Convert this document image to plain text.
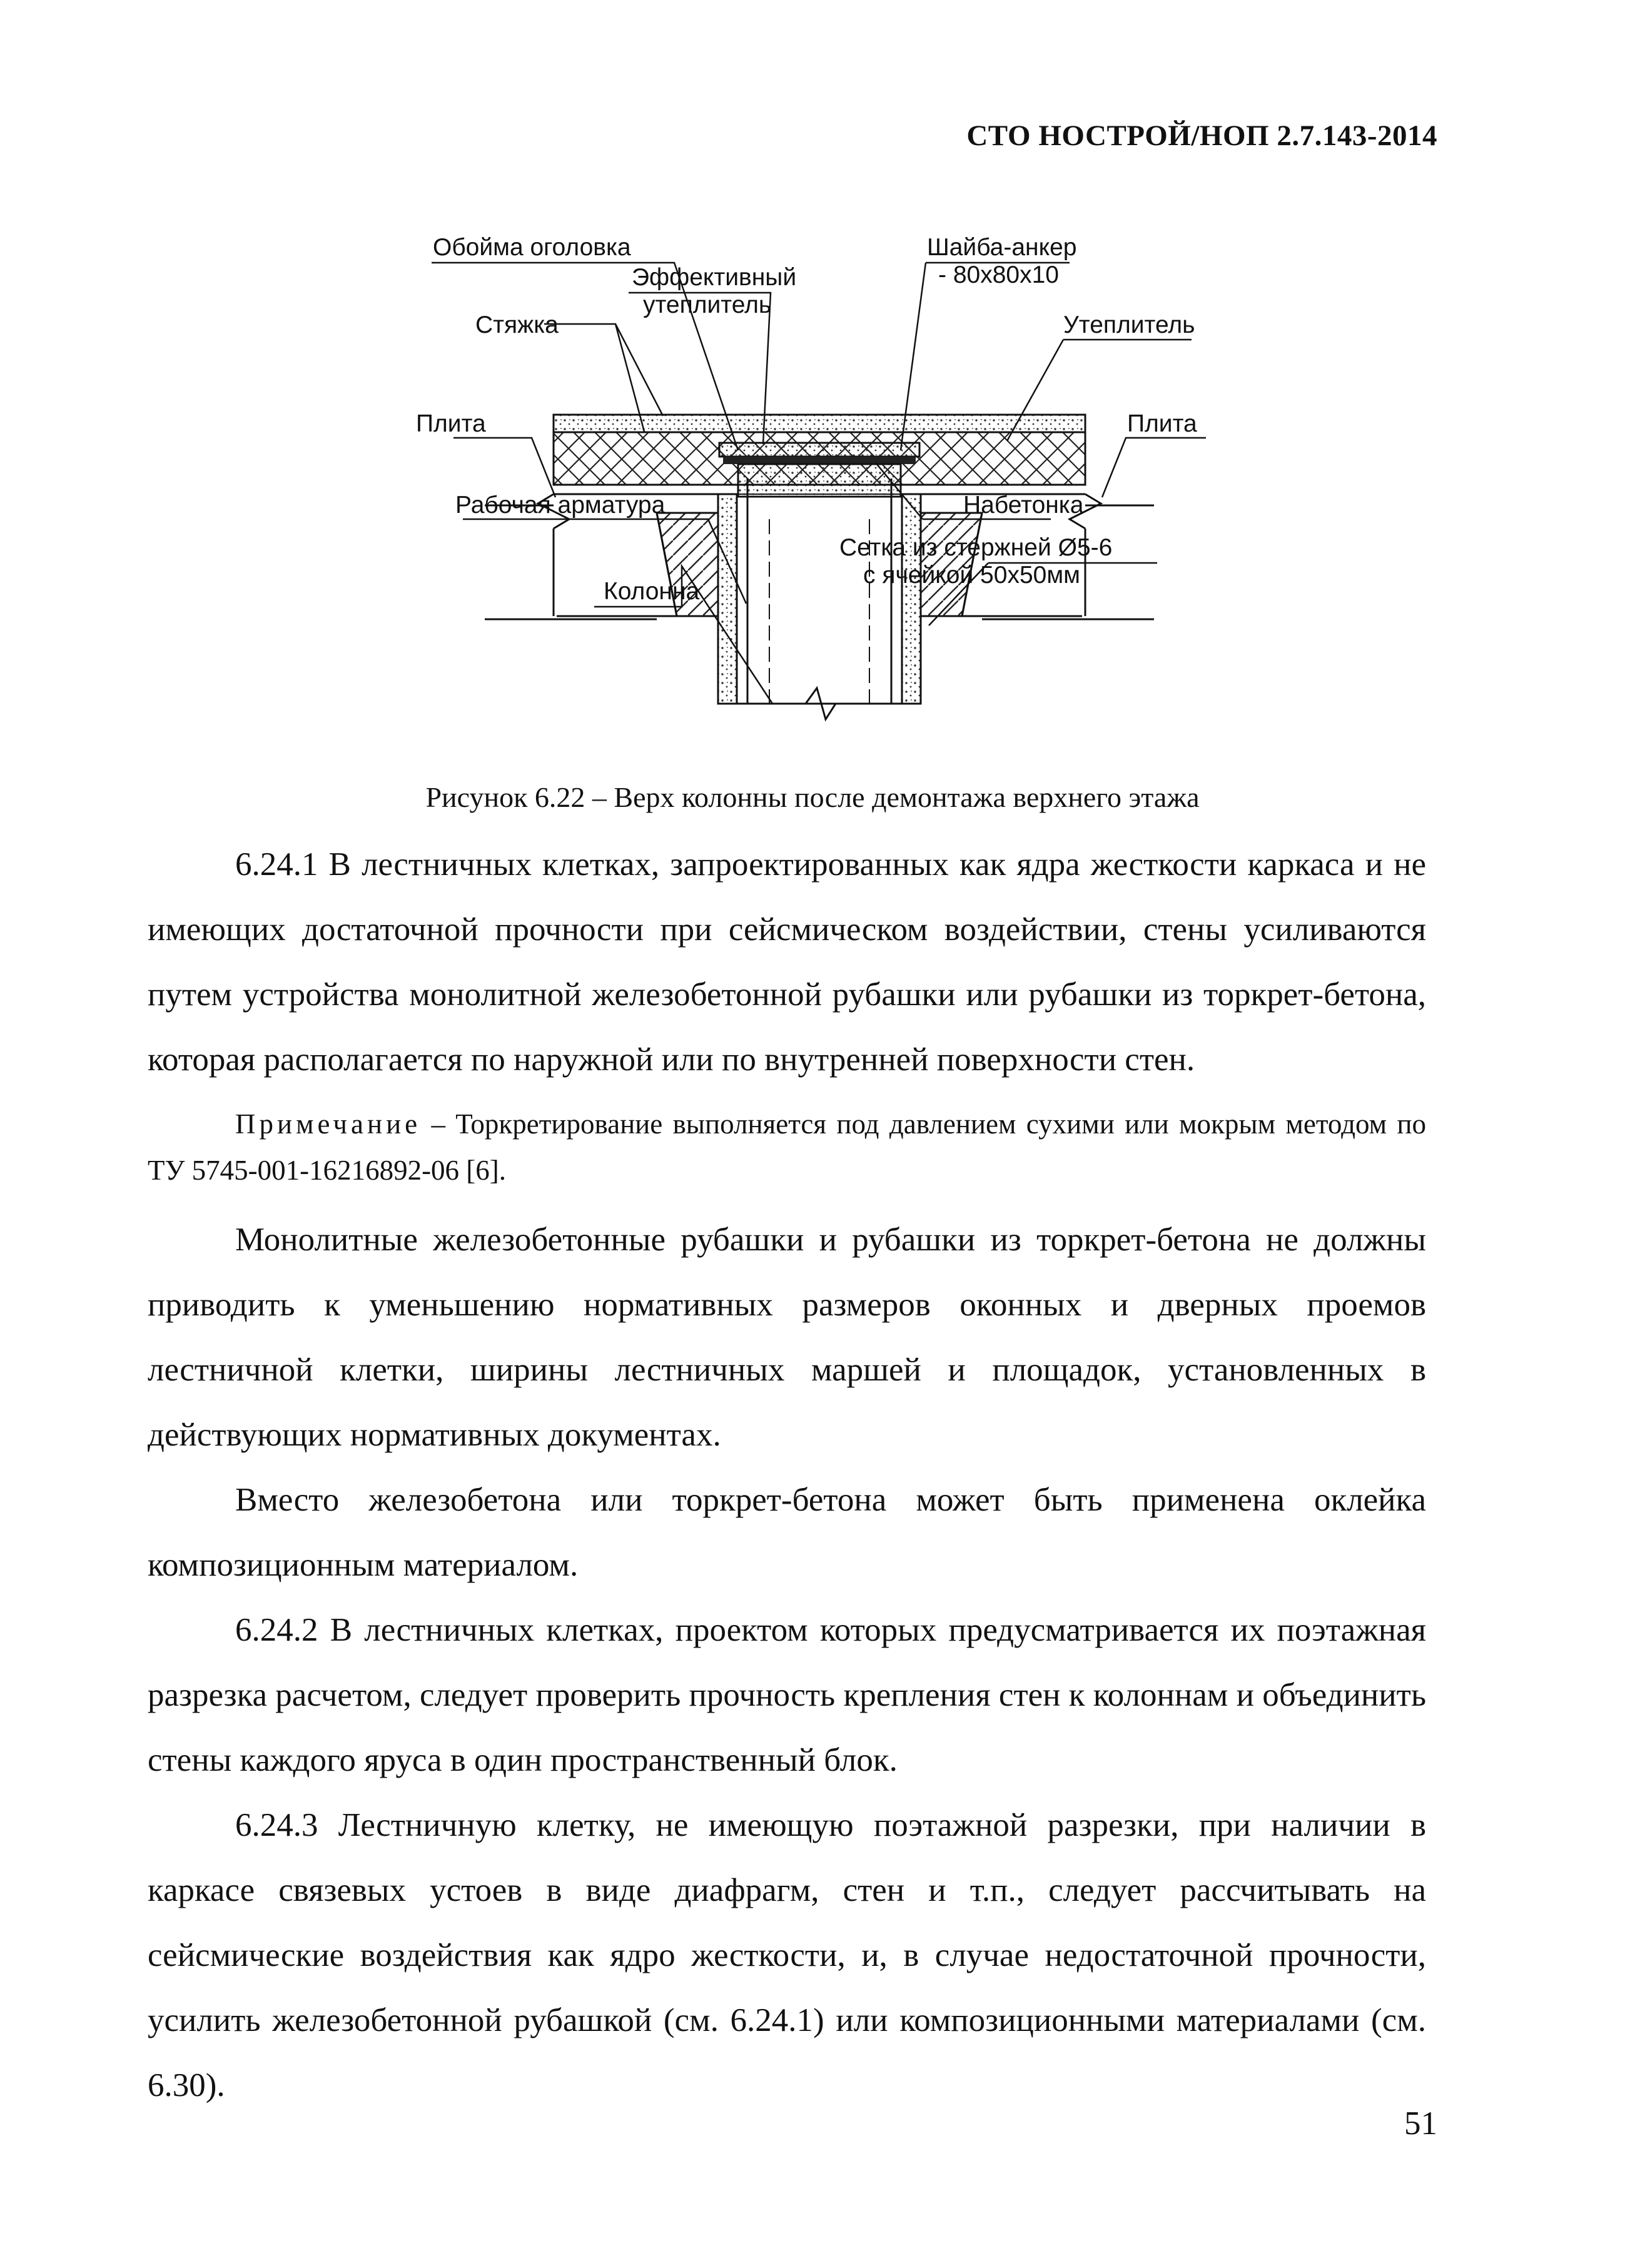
СТО НОСТРОЙ/НОП 2.7.143-2014
Обойма оголовка
Эффективный
утеплитель
Шайба-анкер
- 80х80х10
Стяжка	Утеплитель
Плита	Плита
Рабочая арматура	Набетонка
Колонна
Сетка из стержней Ø5-6
с ячейкой 50х50мм
Рисунок 6.22 – Верх колонны после демонтажа верхнего этажа

6.24.1 В лестничных клетках, запроектированных как ядра жесткости каркаса и не имеющих достаточной прочности при сейсмическом воздействии, стены усиливаются путем устройства монолитной железобетонной рубашки или рубашки из торкрет-бетона, которая располагается по наружной или по внутренней поверхности стен.

Примечание – Торкретирование выполняется под давлением сухими или мокрым методом по ТУ 5745-001-16216892-06 [6].

Монолитные железобетонные рубашки и рубашки из торкрет-бетона не должны приводить к уменьшению нормативных размеров оконных и дверных проемов лестничной клетки, ширины лестничных маршей и площадок, установленных в действующих нормативных документах.

Вместо железобетона или торкрет-бетона может быть применена оклейка композиционным материалом.

6.24.2 В лестничных клетках, проектом которых предусматривается их поэтажная разрезка расчетом, следует проверить прочность крепления стен к колоннам и объединить стены каждого яруса в один пространственный блок.

6.24.3 Лестничную клетку, не имеющую поэтажной разрезки, при наличии в каркасе связевых устоев в виде диафрагм, стен и т.п., следует рассчитывать на сейсмические воздействия как ядро жесткости, и, в случае недостаточной прочности, усилить железобетонной рубашкой (см. 6.24.1) или композиционными материалами (см. 6.30).

51
